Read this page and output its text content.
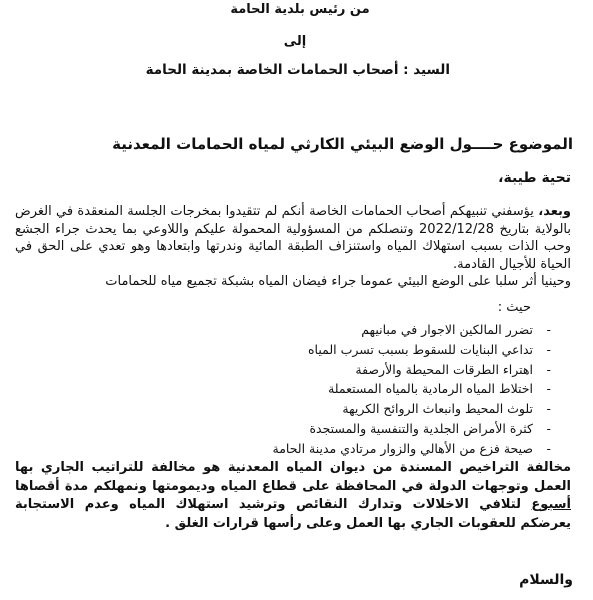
من رئيس بلدية الحامة
إلى
السيد : أصحاب الحمامات الخاصة بمدينة الحامة
الموضوع حــــول الوضع البيئي الكارثي لمياه الحمامات المعدنية
تحية طيبة،

وبعد، يؤسفني تنبيهكم أصحاب الحمامات الخاصة أنكم لم تتقيدوا بمخرجات الجلسة المنعقدة في الغرض بالولاية بتاريخ 2022/12/28 وتنصلكم من المسؤولية المحمولة عليكم واللاوعي بما يحدث جراء الجشع وحب الذات بسبب استهلاك المياه واستنزاف الطبقة المائية وندرتها وابتعادها وهو تعدي على الحق في الحياة للأجيال القادمة.

وحينيا أثر سلبا على الوضع البيئي عموما جراء فيضان المياه بشبكة تجميع مياه للحمامات

حيث :
-
تضرر المالكين الاجوار في مبانيهم
-
تداعي البنايات للسقوط بسبب تسرب المياه
-
اهتراء الطرقات المحيطة والأرصفة
-
اختلاط المياه الرمادية بالمياه المستعملة
-
تلوث المحيط وانبعاث الروائح الكريهة
-
كثرة الأمراض الجلدية والتنفسية والمستجدة
-
صيحة فزع من الأهالي والزوار مرتادي مدينة الحامة

مخالفة التراخيص المسندة من ديوان المياه المعدنية هو مخالفة للتراتيب الجاري بها العمل وتوجهات الدولة في المحافظة على قطاع المياه وديمومتها ونمهلكم مدة أقصاها أسبوع لتلافي الاخلالات وتدارك النقائص وترشيد استهلاك المياه وعدم الاستجابة يعرضكم للعقوبات الجاري بها العمل وعلى رأسها قرارات الغلق .

والسلام
